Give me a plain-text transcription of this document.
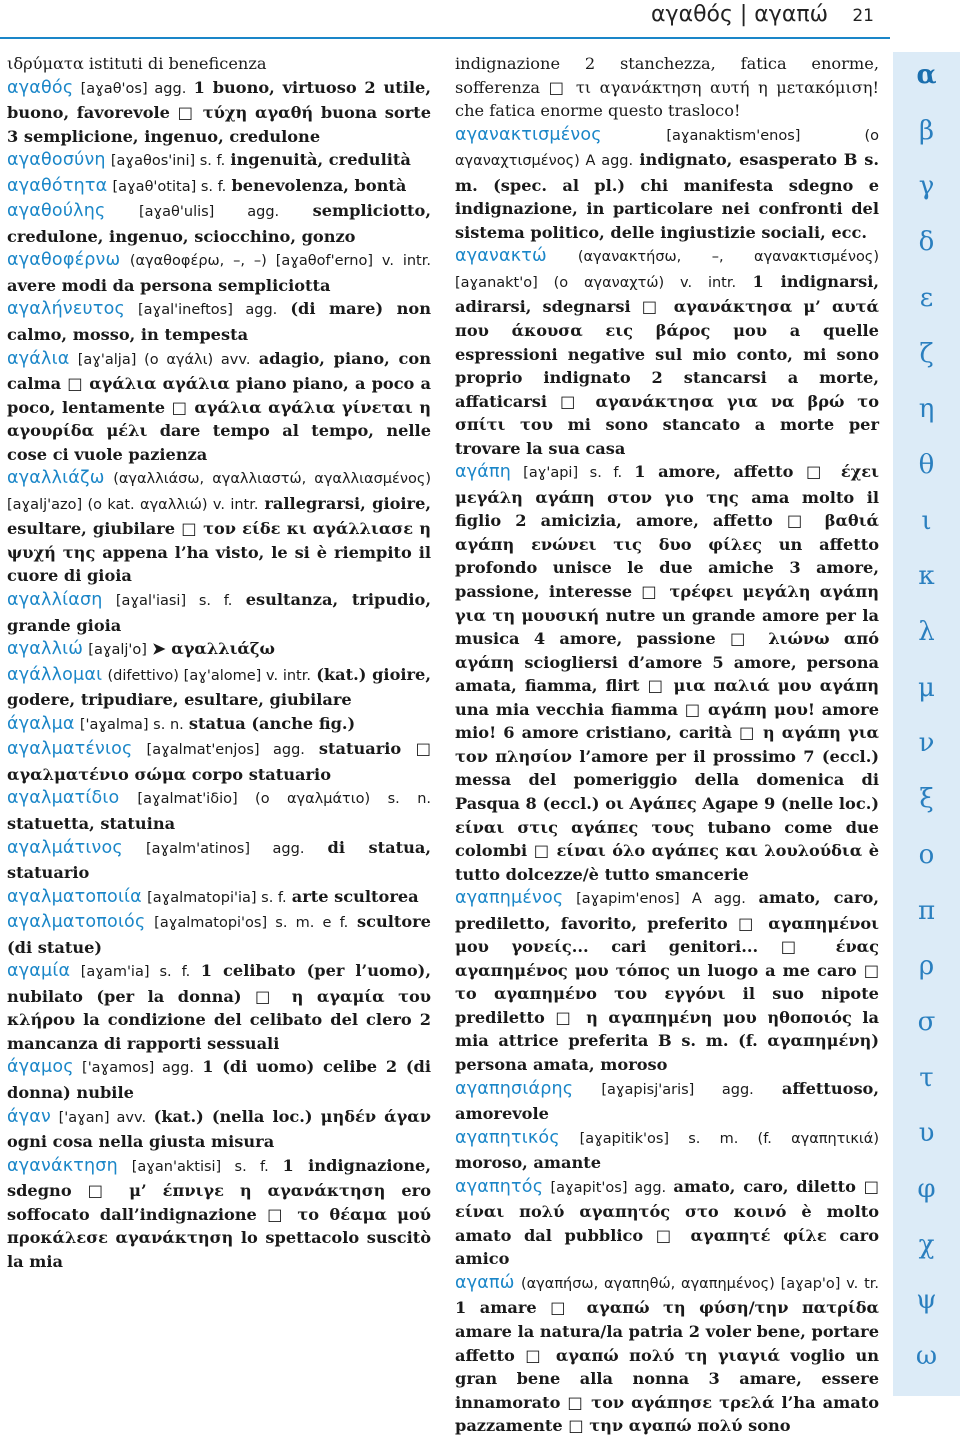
αγαθός | αγαπώ 21

ιδρύματα istituti di beneficenza

αγαθός [aɣaθ'os] agg. 1 buono, virtuoso 2 utile, buono, favorevole □ τύχη αγαθή buona sorte 3 semplicione, ingenuo, credulone

αγαθοσύνη [aɣaθos'ini] s. f. ingenuità, credulità

αγαθότητα [aɣaθ'otita] s. f. benevolenza, bontà

αγαθούλης [aɣaθ'ulis] agg. sempliciotto, credulone, ingenuo, sciocchino, gonzo

αγαθοφέρνω (αγαθοφέρω, –, –) [aɣaθof'erno] v. intr. avere modi da persona sempliciotta

αγαλήνευτος [aɣal'ineftos] agg. (di mare) non calmo, mosso, in tempesta

αγάλια [aɣ'alja] (ο αγάλι) avv. adagio, piano, con calma □ αγάλια αγάλια piano piano, a poco a poco, lentamente □ αγάλια αγάλια γίνεται η αγουρίδα μέλι dare tempo al tempo, nelle cose ci vuole pazienza

αγαλλιάζω (αγαλλιάσω, αγαλλιαστώ, αγαλλιασμένος) [aɣalj'azo] (ο kat. αγαλλιώ) v. intr. rallegrarsi, gioire, esultare, giubilare □ τον είδε κι αγάλλιασε η ψυχή της appena l’ha visto, le si è riempito il cuore di gioia

αγαλλίαση [aɣal'iasi] s. f. esultanza, tripudio, grande gioia

αγαλλιώ [aɣalj'o] ➤ αγαλλιάζω

αγάλλομαι (difettivo) [aɣ'alome] v. intr. (kat.) gioire, godere, tripudiare, esultare, giubilare

άγαλμα ['aɣalma] s. n. statua (anche fig.)

αγαλματένιος [aɣalmat'enjos] agg. statuario □ αγαλματένιο σώμα corpo statuario

αγαλματίδιο [aɣalmat'iδio] (ο αγαλμάτιο) s. n. statuetta, statuina

αγαλμάτινος [aɣalm'atinos] agg. di statua, statuario

αγαλματοποιία [aɣalmatopi'ia] s. f. arte scultorea

αγαλματοποιός [aɣalmatopi'os] s. m. e f. scultore (di statue)

αγαμία [aɣam'ia] s. f. 1 celibato (per l’uomo), nubilato (per la donna) □ η αγαμία του κλήρου la condizione del celibato del clero 2 mancanza di rapporti sessuali

άγαμος ['aɣamos] agg. 1 (di uomo) celibe 2 (di donna) nubile

άγαν ['aɣan] avv. (kat.) (nella loc.) μηδέν άγαν ogni cosa nella giusta misura

αγανάκτηση [aɣan'aktisi] s. f. 1 indignazione, sdegno □ μ’ έπνιγε η αγανάκτηση ero soffocato dall’indignazione □ το θέαμα μού προκάλεσε αγανάκτηση lo spettacolo suscitò la mia

indignazione 2 stanchezza, fatica enorme, sofferenza □ τι αγανάκτηση αυτή η μετακόμιση! che fatica enorme questo trasloco!

αγανακτισμένος	[aɣanaktism'enos] (ο αγαναχτισμένος) A agg. indignato, esasperato B s. m. (spec. al pl.) chi manifesta sdegno e indignazione, in particolare nei confronti del sistema politico, delle ingiustizie sociali, ecc.

αγανακτώ (αγανακτήσω, –, αγανακτισμένος) [aɣanakt'o] (ο αγαναχτώ) v. intr. 1 indignarsi, adirarsi, sdegnarsi □ αγανάκτησα μ’ αυτά που άκουσα εις βάρος μου a quelle espressioni negative sul mio conto, mi sono proprio indignato 2 stancarsi a morte, affaticarsi □ αγανάκτησα για να βρώ το σπίτι του mi sono stancato a morte per trovare la sua casa

αγάπη [aɣ'api] s. f. 1 amore, affetto □ έχει μεγάλη αγάπη στον γιο της ama molto il figlio 2 amicizia, amore, affetto □ βαθιά αγάπη ενώνει τις δυο φίλες un affetto profondo unisce le due amiche 3 amore, passione, interesse □ τρέφει μεγάλη αγάπη για τη μουσική nutre un grande amore per la musica 4 amore, passione □ λιώνω από αγάπη sciogliersi d’amore 5 amore, persona amata, fiamma, flirt □ μια παλιά μου αγάπη una mia vecchia fiamma □ αγάπη μου! amore mio! 6 amore cristiano, carità □ η αγάπη για τον πλησίον l’amore per il prossimo 7 (eccl.) messa del pomeriggio della domenica di Pasqua 8 (eccl.) οι Αγάπες Agape 9 (nelle loc.) είναι στις αγάπες τους tubano come due colombi □ είναι όλο αγάπες και λουλούδια è tutto dolcezze/è tutto smancerie

αγαπημένος [aɣapim'enos] A agg. amato, caro, prediletto, favorito, preferito □ αγαπημένοι μου γονείς... cari genitori... □ ένας αγαπημένος μου τόπος un luogo a me caro □ το αγαπημένο του εγγόνι il suo nipote prediletto □ η αγαπημένη μου ηθοποιός la mia attrice preferita B s. m. (f. αγαπημένη) persona amata, moroso

αγαπησιάρης [aɣapisj'aris] agg. affettuoso, amorevole

αγαπητικός [aɣapitik'os] s. m. (f. αγαπητικιά) moroso, amante

αγαπητός [aɣapit'os] agg. amato, caro, diletto □ είναι πολύ αγαπητός στο κοινό è molto amato dal pubblico □ αγαπητέ φίλε caro amico

αγαπώ (αγαπήσω, αγαπηθώ, αγαπημένος) [aɣap'o] v. tr. 1 amare □ αγαπώ τη φύση/την πατρίδα amare la natura/la patria 2 voler bene, portare affetto □ αγαπώ πολύ τη γιαγιά voglio un gran bene alla nonna 3 amare, essere innamorato □ τον αγάπησε τρελά l’ha amato pazzamente □ την αγαπώ πολύ sono

α
β
γ
δ
ε
ζ
η
θ
ι
κ
λ
μ
ν
ξ
ο
π
ρ
σ
τ
υ
φ
χ
ψ
ω
